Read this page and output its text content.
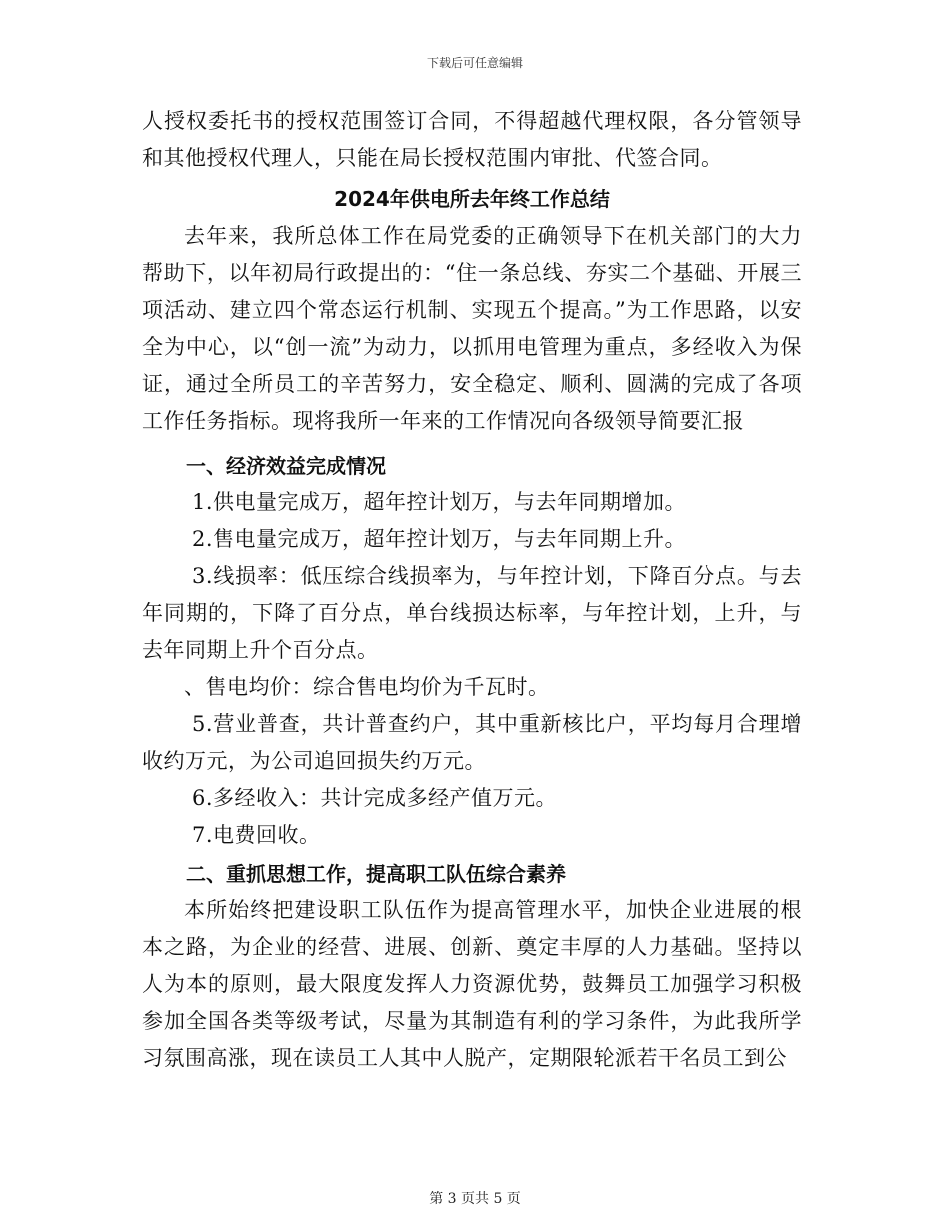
下载后可任意编辑

人授权委托书的授权范围签订合同，不得超越代理权限，各分管领导和其他授权代理人，只能在局长授权范围内审批、代签合同。

2024年供电所去年终工作总结

去年来，我所总体工作在局党委的正确领导下在机关部门的大力帮助下，以年初局行政提出的：“住一条总线、夯实二个基础、开展三项活动、建立四个常态运行机制、实现五个提高。”为工作思路，以安全为中心，以“创一流”为动力，以抓用电管理为重点，多经收入为保证，通过全所员工的辛苦努力，安全稳定、顺利、圆满的完成了各项工作任务指标。现将我所一年来的工作情况向各级领导简要汇报

一、经济效益完成情况

1.供电量完成万，超年控计划万，与去年同期增加。

2.售电量完成万，超年控计划万，与去年同期上升。

3.线损率：低压综合线损率为，与年控计划，下降百分点。与去年同期的，下降了百分点，单台线损达标率，与年控计划，上升，与去年同期上升个百分点。

、售电均价：综合售电均价为千瓦时。

5.营业普查，共计普查约户，其中重新核比户，平均每月合理增收约万元，为公司追回损失约万元。

6.多经收入：共计完成多经产值万元。

7.电费回收。

二、重抓思想工作，提高职工队伍综合素养

本所始终把建设职工队伍作为提高管理水平，加快企业进展的根本之路，为企业的经营、进展、创新、奠定丰厚的人力基础。坚持以人为本的原则，最大限度发挥人力资源优势，鼓舞员工加强学习积极参加全国各类等级考试，尽量为其制造有利的学习条件，为此我所学习氛围高涨，现在读员工人其中人脱产，定期限轮派若干名员工到公

第 3 页共 5 页
